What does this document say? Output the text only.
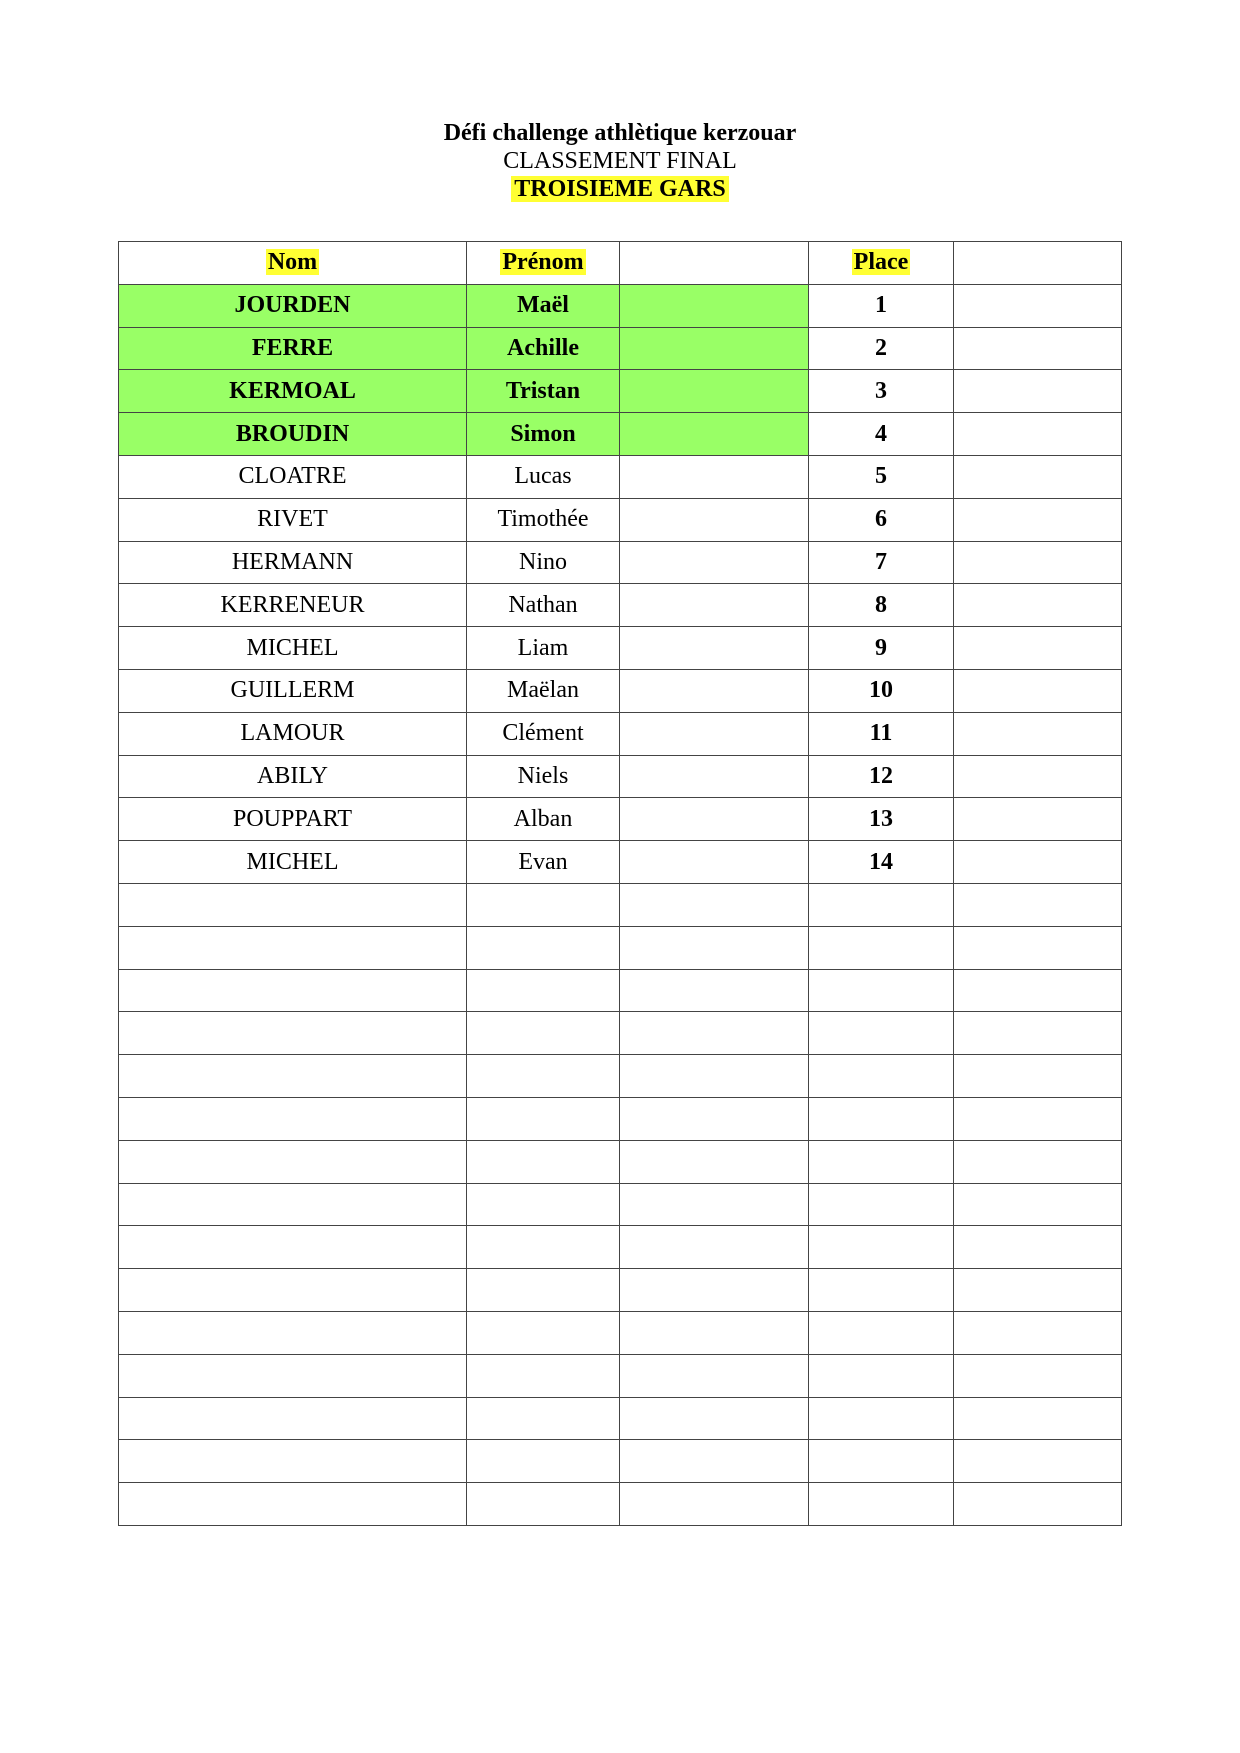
Défi challenge athlètique kerzouar
CLASSEMENT FINAL
TROISIEME GARS
Nom	Prénom		Place	
JOURDEN	Maël		1	
FERRE	Achille		2	
KERMOAL	Tristan		3	
BROUDIN	Simon		4	
CLOATRE	Lucas		5	
RIVET	Timothée		6	
HERMANN	Nino		7	
KERRENEUR	Nathan		8	
MICHEL	Liam		9	
GUILLERM	Maëlan		10	
LAMOUR	Clément		11	
ABILY	Niels		12	
POUPPART	Alban		13	
MICHEL	Evan		14	
